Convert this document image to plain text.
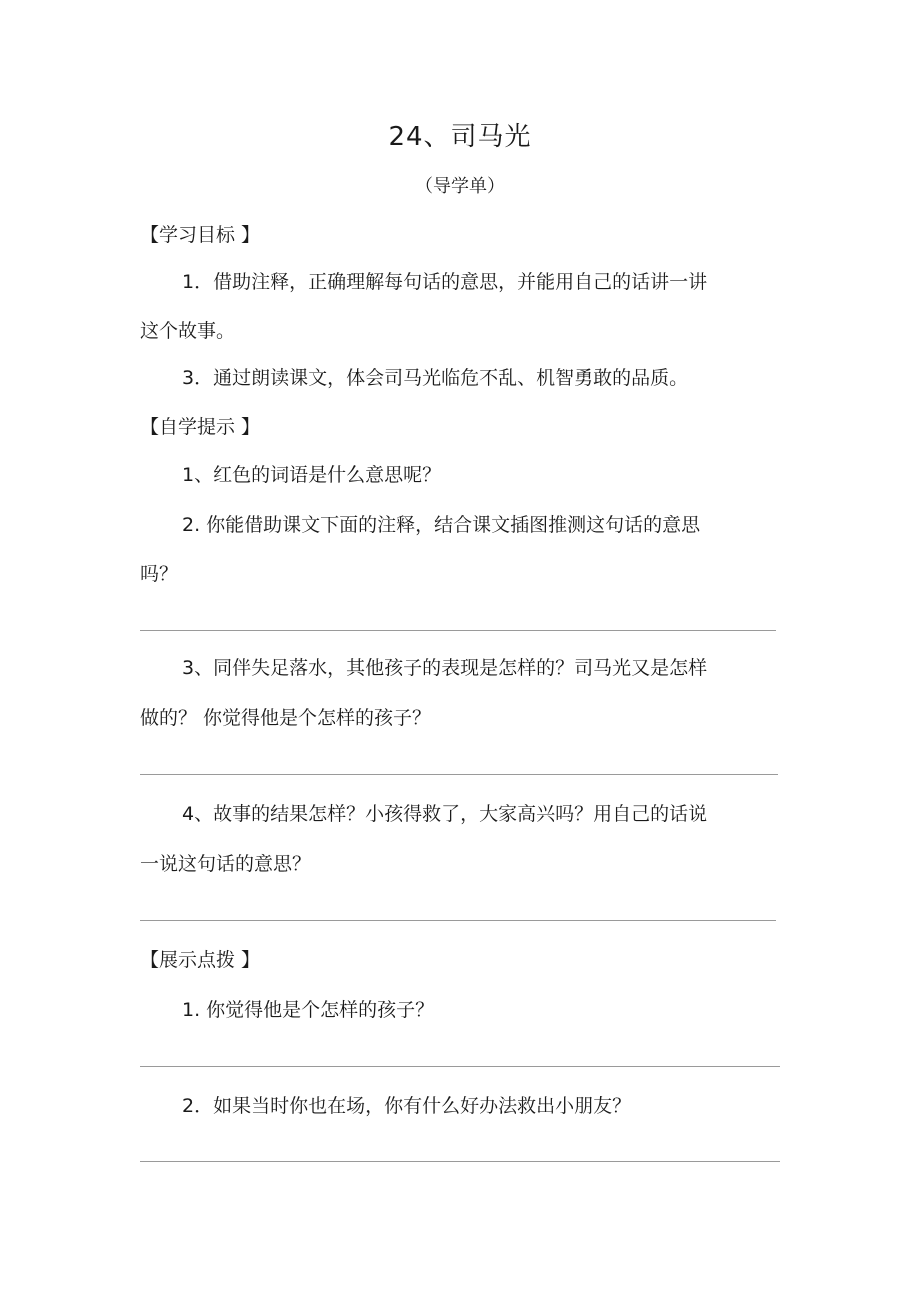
24、司马光
（导学单）
【学习目标 】
1．借助注释，正确理解每句话的意思，并能用自己的话讲一讲
这个故事。
3．通过朗读课文，体会司马光临危不乱、机智勇敢的品质。
【自学提示 】
1、红色的词语是什么意思呢？
2. 你能借助课文下面的注释，结合课文插图推测这句话的意思
吗？
3、同伴失足落水，其他孩子的表现是怎样的？司马光又是怎样
做的？ 你觉得他是个怎样的孩子？
4、故事的结果怎样？小孩得救了，大家高兴吗？用自己的话说
一说这句话的意思？
【展示点拨 】
1. 你觉得他是个怎样的孩子？
2．如果当时你也在场，你有什么好办法救出小朋友？
